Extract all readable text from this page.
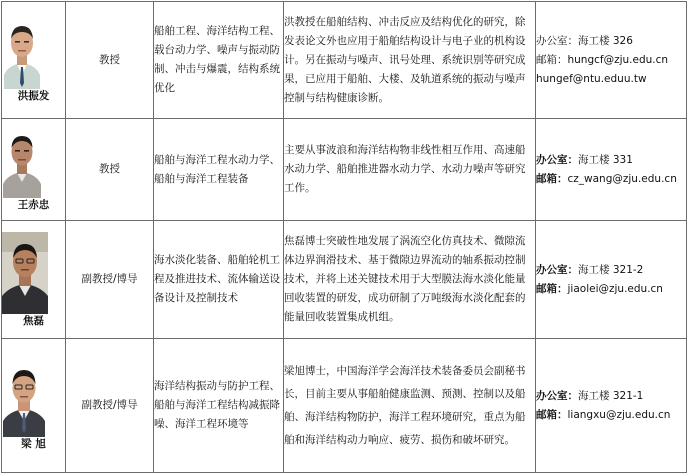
洪振发	教授	船舶工程、海洋结构工程、载台动力学、噪声与振动防制、冲击与爆震，结构系统优化	洪教授在船舶结构、冲击反应及结构优化的研究，除发表论文外也应用于船舶结构设计与电子业的机构设计。另在振动与噪声、讯号处理、系统识别等研究成果，已应用于船舶、大楼、及轨道系统的振动与噪声控制与结构健康诊断。	办公室：海工楼 326
邮箱：hungcf@zju.edu.cn
hungef@ntu.eduu.tw

王赤忠	教授	船舶与海洋工程水动力学、船舶与海洋工程装备	主要从事波浪和海洋结构物非线性相互作用、高速船水动力学、船舶推进器水动力学、水动力噪声等研究工作。	办公室：海工楼 331
邮箱：cz_wang@zju.edu.cn

焦磊	副教授/博导	海水淡化装备、船舶轮机工程及推进技术、流体输送设备设计及控制技术	焦磊博士突破性地发展了涡流空化仿真技术、微隙流体边界润滑技术、基于微隙边界流动的轴系振动控制技术，并将上述关键技术用于大型膜法海水淡化能量回收装置的研发，成功研制了万吨级海水淡化配套的能量回收装置集成机组。	办公室：海工楼 321-2
邮箱：jiaolei@zju.edu.cn

梁 旭	副教授/博导	海洋结构振动与防护工程、船舶与海洋工程结构减振降噪、海洋工程环境等	梁旭博士，中国海洋学会海洋技术装备委员会副秘书长，目前主要从事船舶健康监测、预测、控制以及船舶、海洋结构物防护，海洋工程环境研究，重点为船舶和海洋结构动力响应、疲劳、损伤和破坏研究。	办公室：海工楼 321-1
邮箱：liangxu@zju.edu.cn
